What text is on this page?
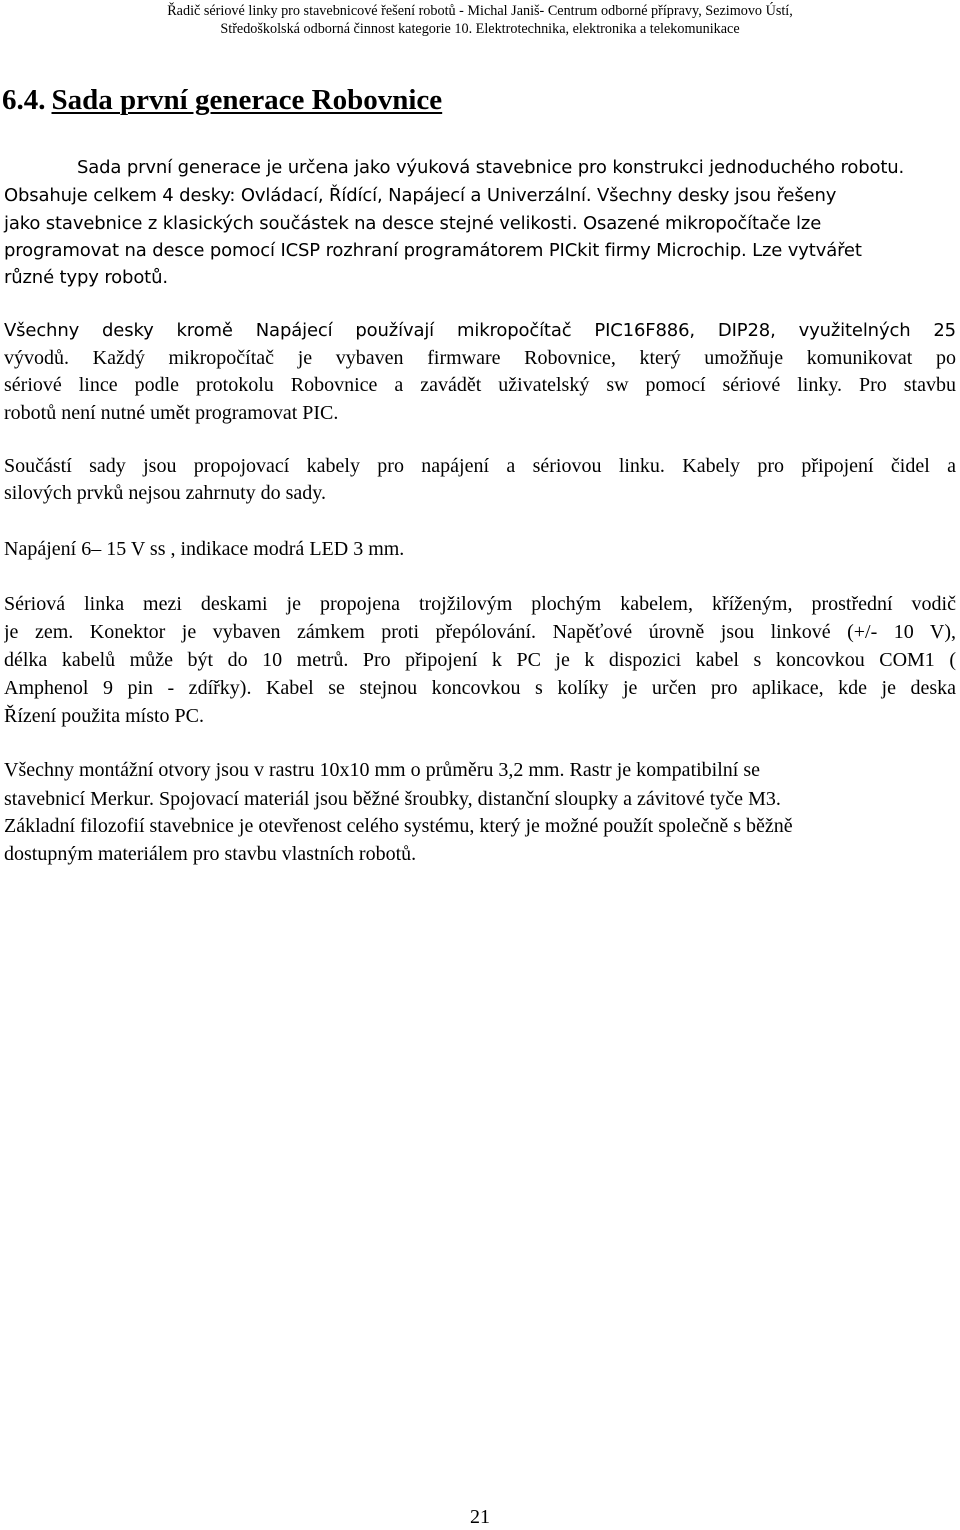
Řadič sériové linky pro stavebnicové řešení robotů - Michal Janiš- Centrum odborné přípravy, Sezimovo Ústí,
Středoškolská odborná činnost kategorie 10. Elektrotechnika, elektronika a telekomunikace
6.4. Sada první generace Robovnice
Sada první generace je určena jako výuková stavebnice pro konstrukci jednoduchého robotu.
Obsahuje celkem 4 desky: Ovládací, Řídící, Napájecí a Univerzální. Všechny desky jsou řešeny
jako stavebnice z klasických součástek na desce stejné velikosti. Osazené mikropočítače lze
programovat na desce pomocí ICSP rozhraní programátorem PICkit firmy Microchip. Lze vytvářet
různé typy robotů.
Všechny desky kromě Napájecí používají mikropočítač PIC16F886, DIP28, využitelných 25
vývodů. Každý mikropočítač je vybaven firmware Robovnice, který umožňuje komunikovat po
sériové lince podle protokolu Robovnice a zavádět uživatelský sw pomocí sériové linky. Pro stavbu
robotů není nutné umět programovat PIC.
Součástí sady jsou propojovací kabely pro napájení a sériovou linku. Kabely pro připojení čidel a
silových prvků nejsou zahrnuty do sady.
Napájení 6– 15 V ss , indikace modrá LED 3 mm.
Sériová linka mezi deskami je propojena trojžilovým plochým kabelem, kříženým, prostřední vodič
je zem. Konektor je vybaven zámkem proti přepólování. Napěťové úrovně jsou linkové (+/- 10 V),
délka kabelů může být do 10 metrů. Pro připojení k PC je k dispozici kabel s koncovkou COM1 (
Amphenol 9 pin - zdířky). Kabel se stejnou koncovkou s kolíky je určen pro aplikace, kde je deska
Řízení použita místo PC.
Všechny montážní otvory jsou v rastru 10x10 mm o průměru 3,2 mm. Rastr je kompatibilní se
stavebnicí Merkur. Spojovací materiál jsou běžné šroubky, distanční sloupky a závitové tyče M3.
Základní filozofií stavebnice je otevřenost celého systému, který je možné použít společně s běžně
dostupným materiálem pro stavbu vlastních robotů.
21
